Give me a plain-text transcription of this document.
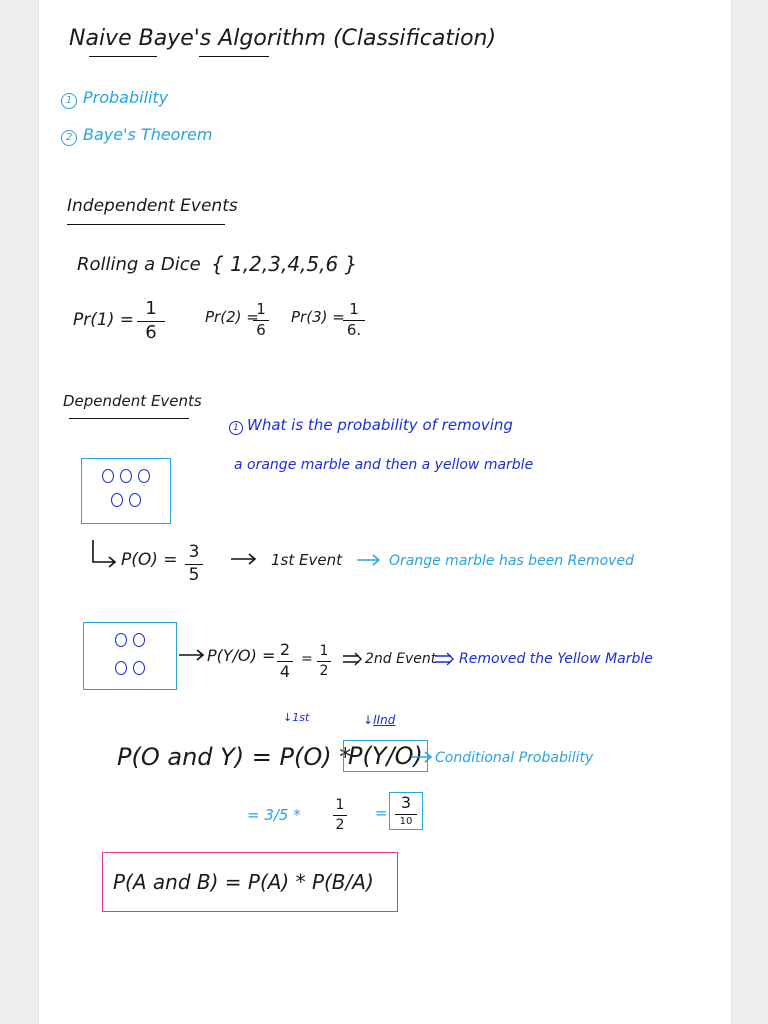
Naive Baye's Algorithm (Classification)
1 Probability
2 Baye's Theorem
Independent Events
Rolling a Dice { 1,2,3,4,5,6 }
Pr(1) =
1
6
Pr(2) =
1
6
Pr(3) = 1
6.
Dependent Events
1 What is the probability of removing
a orange marble and then a yellow marble
P(O) = 3
5
1st Event	Orange marble has been Removed
P(Y/O) = 2
4
= 1
2
2nd Event Removed the Yellow Marble
↓1st	↓IInd
P(O and Y) = P(O) *
P(Y/O) Conditional Probability
= 3/5 *
1
2
=
3
10
P(A and B) = P(A) * P(B/A)
